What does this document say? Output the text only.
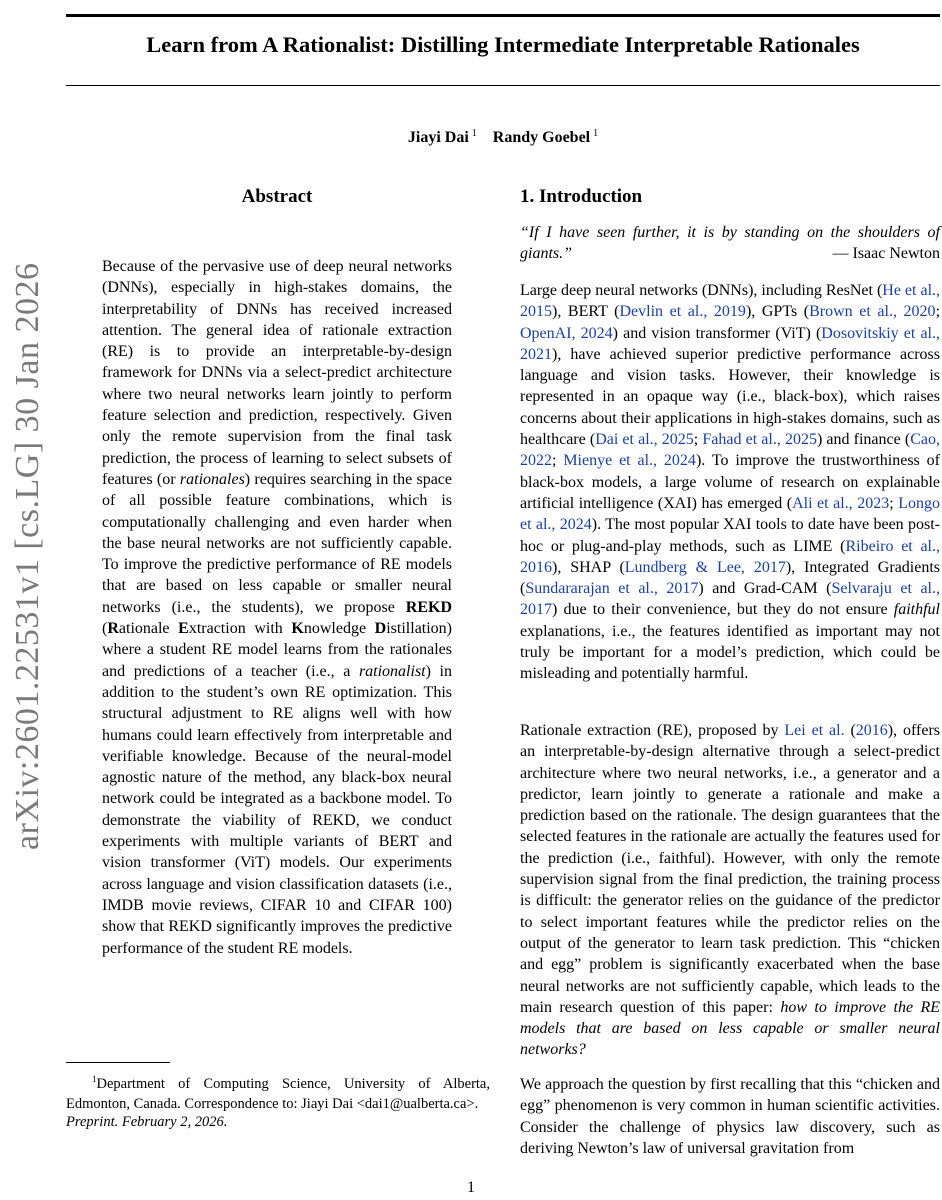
arXiv:2601.22531v1 [cs.LG] 30 Jan 2026
Learn from A Rationalist: Distilling Intermediate Interpretable Rationales
Jiayi Dai $^1$ Randy Goebel $^1$
Abstract
Because of the pervasive use of deep neural networks (DNNs), especially in high-stakes domains, the interpretability of DNNs has received increased attention. The general idea of rationale extraction (RE) is to provide an interpretable-by-design framework for DNNs via a select-predict architecture where two neural networks learn jointly to perform feature selection and prediction, respectively. Given only the remote supervision from the final task prediction, the process of learning to select subsets of features (or rationales) requires searching in the space of all possible feature combinations, which is computationally challenging and even harder when the base neural networks are not sufficiently capable. To improve the predictive performance of RE models that are based on less capable or smaller neural networks (i.e., the students), we propose REKD (Rationale Extraction with Knowledge Distillation) where a student RE model learns from the rationales and predictions of a teacher (i.e., a rationalist) in addition to the student’s own RE optimization. This structural adjustment to RE aligns well with how humans could learn effectively from interpretable and verifiable knowledge. Because of the neural-model agnostic nature of the method, any black-box neural network could be integrated as a backbone model. To demonstrate the viability of REKD, we conduct experiments with multiple variants of BERT and vision transformer (ViT) models. Our experiments across language and vision classification datasets (i.e., IMDB movie reviews, CIFAR 10 and CIFAR 100) show that REKD significantly improves the predictive performance of the student RE models.
$^1$Department of Computing Science, University of Alberta, Edmonton, Canada. Correspondence to: Jiayi Dai <dai1@ualberta.ca>.
Preprint. February 2, 2026.
1. Introduction
“If I have seen further, it is by standing on the shoulders of giants.”	— Isaac Newton
Large deep neural networks (DNNs), including ResNet (He et al., 2015), BERT (Devlin et al., 2019), GPTs (Brown et al., 2020; OpenAI, 2024) and vision transformer (ViT) (Dosovitskiy et al., 2021), have achieved superior predictive performance across language and vision tasks. However, their knowledge is represented in an opaque way (i.e., black-box), which raises concerns about their applications in high-stakes domains, such as healthcare (Dai et al., 2025; Fahad et al., 2025) and finance (Cao, 2022; Mienye et al., 2024). To improve the trustworthiness of black-box models, a large volume of research on explainable artificial intelligence (XAI) has emerged (Ali et al., 2023; Longo et al., 2024). The most popular XAI tools to date have been post-hoc or plug-and-play methods, such as LIME (Ribeiro et al., 2016), SHAP (Lundberg & Lee, 2017), Integrated Gradients (Sundararajan et al., 2017) and Grad-CAM (Selvaraju et al., 2017) due to their convenience, but they do not ensure faithful explanations, i.e., the features identified as important may not truly be important for a model’s prediction, which could be misleading and potentially harmful.
Rationale extraction (RE), proposed by Lei et al. (2016), offers an interpretable-by-design alternative through a select-predict architecture where two neural networks, i.e., a generator and a predictor, learn jointly to generate a rationale and make a prediction based on the rationale. The design guarantees that the selected features in the rationale are actually the features used for the prediction (i.e., faithful). However, with only the remote supervision signal from the final prediction, the training process is difficult: the generator relies on the guidance of the predictor to select important features while the predictor relies on the output of the generator to learn task prediction. This “chicken and egg” problem is significantly exacerbated when the base neural networks are not sufficiently capable, which leads to the main research question of this paper: how to improve the RE models that are based on less capable or smaller neural networks?
We approach the question by first recalling that this “chicken and egg” phenomenon is very common in human scientific activities. Consider the challenge of physics law discovery, such as deriving Newton’s law of universal gravitation from
1
